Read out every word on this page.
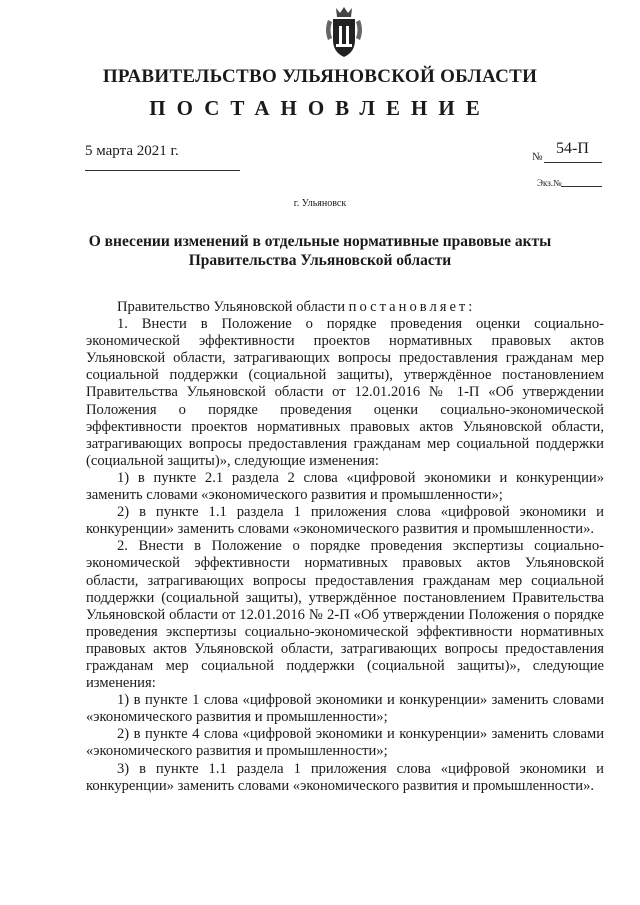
ПРАВИТЕЛЬСТВО УЛЬЯНОВСКОЙ ОБЛАСТИ
ПОСТАНОВЛЕНИЕ
5 марта 2021 г.	№ 54-П
Экз.№
г. Ульяновск
О внесении изменений в отдельные нормативные правовые акты
Правительства Ульяновской области

Правительство Ульяновской области постановляет:

1. Внести в Положение о порядке проведения оценки социально-экономической эффективности проектов нормативных правовых актов Ульяновской области, затрагивающих вопросы предоставления гражданам мер социальной поддержки (социальной защиты), утверждённое постановлением Правительства Ульяновской области от 12.01.2016 № 1-П «Об утверждении Положения о порядке проведения оценки социально-экономической эффективности проектов нормативных правовых актов Ульяновской области, затрагивающих вопросы предоставления гражданам мер социальной поддержки (социальной защиты)», следующие изменения:

1) в пункте 2.1 раздела 2 слова «цифровой экономики и конкуренции» заменить словами «экономического развития и промышленности»;

2) в пункте 1.1 раздела 1 приложения слова «цифровой экономики и конкуренции» заменить словами «экономического развития и промышленности».

2. Внести в Положение о порядке проведения экспертизы социально-экономической эффективности нормативных правовых актов Ульяновской области, затрагивающих вопросы предоставления гражданам мер социальной поддержки (социальной защиты), утверждённое постановлением Правительства Ульяновской области от 12.01.2016 № 2-П «Об утверждении Положения о порядке проведения экспертизы социально-экономической эффективности нормативных правовых актов Ульяновской области, затрагивающих вопросы предоставления гражданам мер социальной поддержки (социальной защиты)», следующие изменения:

1) в пункте 1 слова «цифровой экономики и конкуренции» заменить словами «экономического развития и промышленности»;

2) в пункте 4 слова «цифровой экономики и конкуренции» заменить словами «экономического развития и промышленности»;

3) в пункте 1.1 раздела 1 приложения слова «цифровой экономики и конкуренции» заменить словами «экономического развития и промышленности».
